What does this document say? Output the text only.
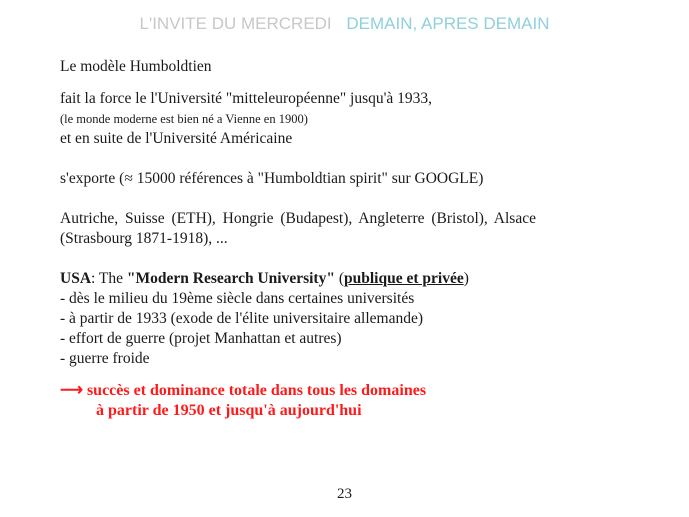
L'INVITE DU MERCREDI DEMAIN, APRES DEMAIN
Le modèle Humboldtien
fait la force le l'Université "mitteleuropéenne" jusqu'à 1933,
(le monde moderne est bien né a Vienne en 1900)
et en suite de l'Université Américaine
s'exporte (≈ 15000 références à "Humboldtian spirit" sur GOOGLE)
Autriche, Suisse (ETH), Hongrie (Budapest), Angleterre (Bristol), Alsace
(Strasbourg 1871-1918), ...
USA: The "Modern Research University" (publique et privée)
- dès le milieu du 19ème siècle dans certaines universités
- à partir de 1933 (exode de l'élite universitaire allemande)
- effort de guerre (projet Manhattan et autres)
- guerre froide
⟶ succès et dominance totale dans tous les domaines
à partir de 1950 et jusqu'à aujourd'hui
23
